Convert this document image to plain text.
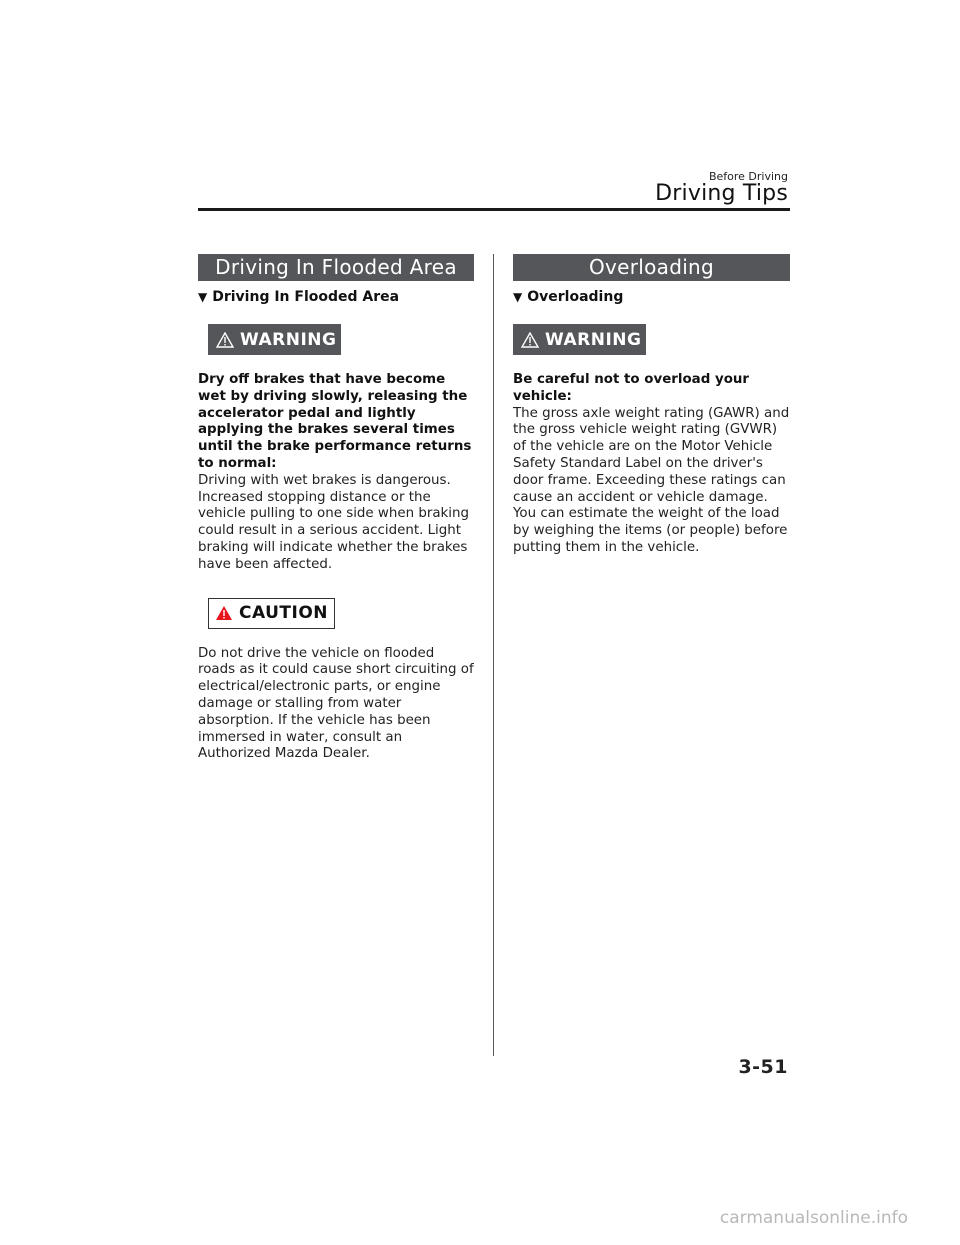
Before Driving
Driving Tips
Driving In Flooded Area
▼ Driving In Flooded Area
WARNING
Dry off brakes that have become wet by driving slowly, releasing the accelerator pedal and lightly applying the brakes several times until the brake performance returns to normal:
Driving with wet brakes is dangerous. Increased stopping distance or the vehicle pulling to one side when braking could result in a serious accident. Light braking will indicate whether the brakes have been affected.
CAUTION
Do not drive the vehicle on flooded roads as it could cause short circuiting of electrical/electronic parts, or engine damage or stalling from water absorption. If the vehicle has been immersed in water, consult an Authorized Mazda Dealer.
Overloading
▼ Overloading
WARNING
Be careful not to overload your vehicle:
The gross axle weight rating (GAWR) and the gross vehicle weight rating (GVWR) of the vehicle are on the Motor Vehicle Safety Standard Label on the driver's door frame. Exceeding these ratings can cause an accident or vehicle damage. You can estimate the weight of the load by weighing the items (or people) before putting them in the vehicle.
3-51
carmanualsonline.info
